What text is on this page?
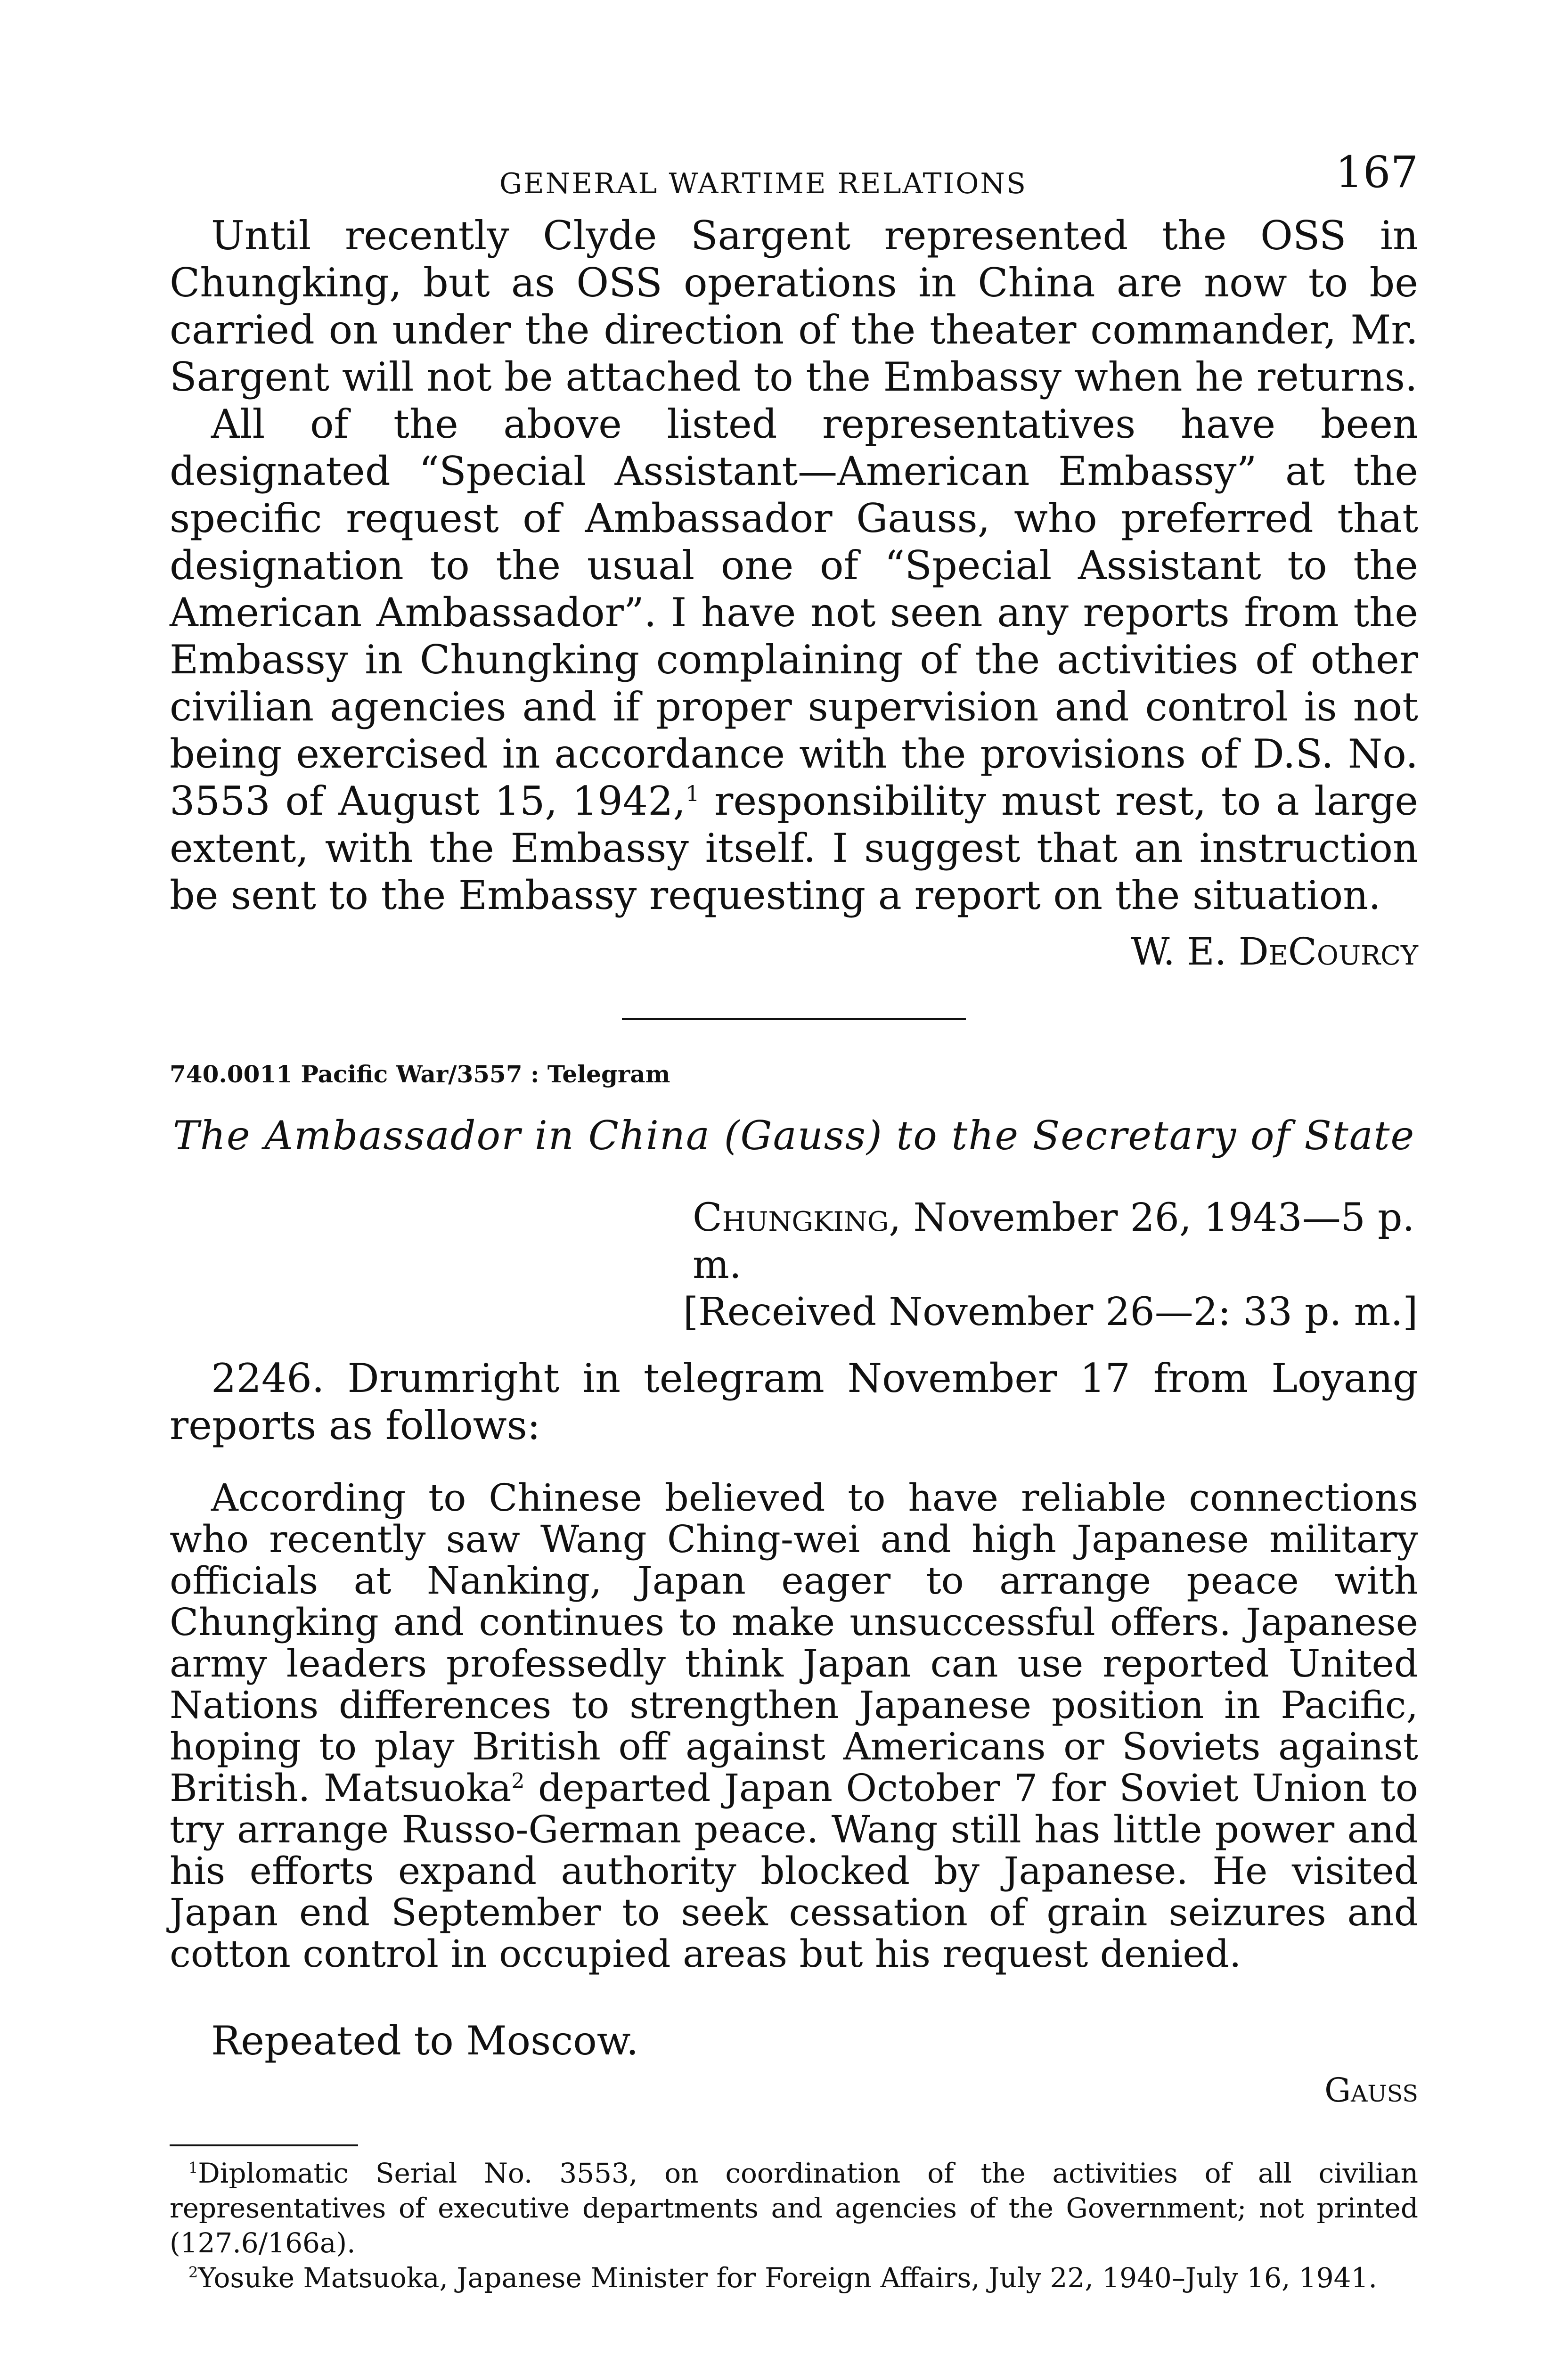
GENERAL WARTIME RELATIONS	167

Until recently Clyde Sargent represented the OSS in Chungking, but as OSS operations in China are now to be carried on under the direction of the theater commander, Mr. Sargent will not be attached to the Embassy when he returns.

All of the above listed representatives have been designated “Special Assistant—American Embassy” at the specific request of Ambassador Gauss, who preferred that designation to the usual one of “Special Assistant to the American Ambassador”. I have not seen any reports from the Embassy in Chungking complaining of the activities of other civilian agencies and if proper supervision and control is not being exercised in accordance with the provisions of D.S. No. 3553 of August 15, 1942,$^1$ responsibility must rest, to a large extent, with the Embassy itself. I suggest that an instruction be sent to the Embassy requesting a report on the situation.

W. E. DeCourcy
740.0011 Pacific War/3557 : Telegram
The Ambassador in China (Gauss) to the Secretary of State
Chungking, November 26, 1943—5 p. m.
[Received November 26—2: 33 p. m.]

2246. Drumright in telegram November 17 from Loyang reports as follows:

According to Chinese believed to have reliable connections who recently saw Wang Ching-wei and high Japanese military officials at Nanking, Japan eager to arrange peace with Chungking and continues to make unsuccessful offers. Japanese army leaders professedly think Japan can use reported United Nations differences to strengthen Japanese position in Pacific, hoping to play British off against Americans or Soviets against British. Matsuoka$^2$ departed Japan October 7 for Soviet Union to try arrange Russo-German peace. Wang still has little power and his efforts expand authority blocked by Japanese. He visited Japan end September to seek cessation of grain seizures and cotton control in occupied areas but his request denied.

Repeated to Moscow.
Gauss

$^1$Diplomatic Serial No. 3553, on coordination of the activities of all civilian representatives of executive departments and agencies of the Government; not printed (127.6/166a).

$^2$Yosuke Matsuoka, Japanese Minister for Foreign Affairs, July 22, 1940–July 16, 1941.
